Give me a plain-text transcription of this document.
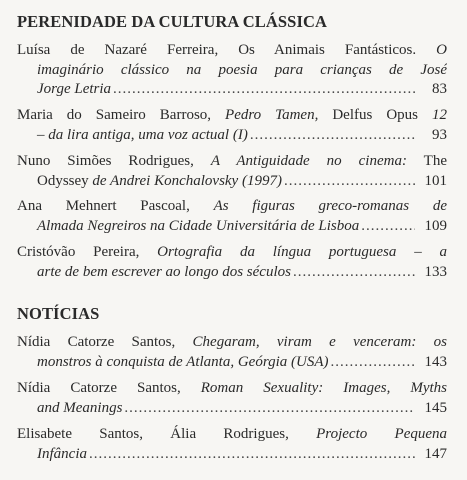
PERENIDADE DA CULTURA CLÁSSICA
Luísa de Nazaré Ferreira, Os Animais Fantásticos. O
imaginário clássico na poesia para crianças de José
Jorge Letria .....	83
Maria do Sameiro Barroso, Pedro Tamen, Delfus Opus 12
– da lira antiga, uma voz actual (I) .....	93
Nuno Simões Rodrigues, A Antiguidade no cinema: The
Odyssey de Andrei Konchalovsky (1997) .....	101
Ana Mehnert Pascoal, As figuras greco-romanas de
Almada Negreiros na Cidade Universitária de Lisboa .....	109
Cristóvão Pereira, Ortografia da língua portuguesa – a
arte de bem escrever ao longo dos séculos .....	133
NOTÍCIAS
Nídia Catorze Santos, Chegaram, viram e venceram: os
monstros à conquista de Atlanta, Geórgia (USA) .....	143
Nídia Catorze Santos, Roman Sexuality: Images, Myths
and Meanings .....	145
Elisabete Santos, Ália Rodrigues, Projecto Pequena
Infância .....	147
